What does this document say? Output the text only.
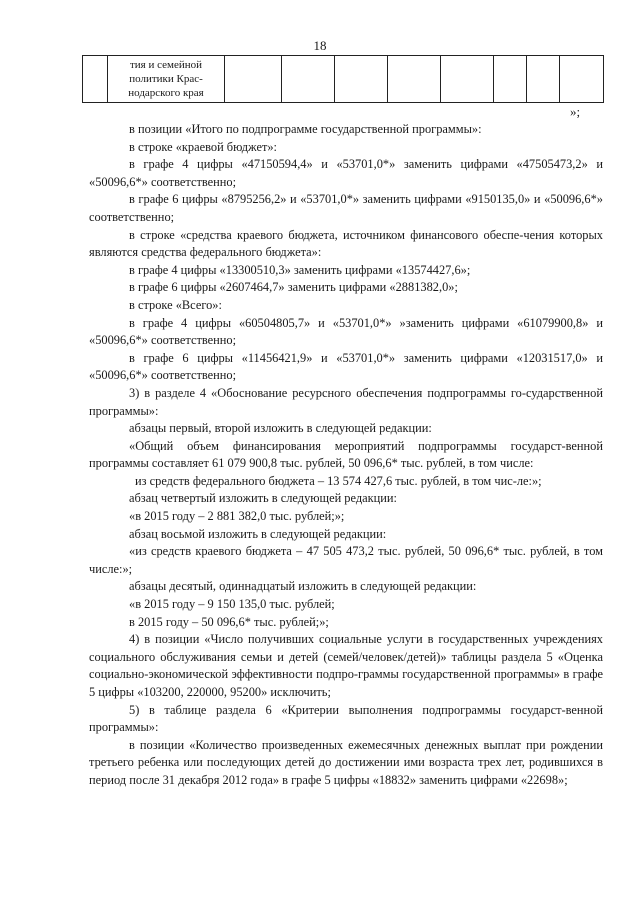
18
	тия и семейной политики Крас-нодарского края								
»;

в позиции «Итого по подпрограмме государственной программы»:

в строке «краевой бюджет»:

в графе 4 цифры «47150594,4» и «53701,0*» заменить цифрами «47505473,2» и «50096,6*» соответственно;

в графе 6 цифры «8795256,2» и «53701,0*» заменить цифрами «9150135,0» и «50096,6*» соответственно;

в строке «средства краевого бюджета, источником финансового обеспе-чения которых являются средства федерального бюджета»:

в графе 4 цифры «13300510,3» заменить цифрами «13574427,6»;

в графе 6 цифры «2607464,7» заменить цифрами «2881382,0»;

в строке «Всего»:

в графе 4 цифры «60504805,7» и «53701,0*» »заменить цифрами «61079900,8» и «50096,6*» соответственно;

в графе 6 цифры «11456421,9» и «53701,0*» заменить цифрами «12031517,0» и «50096,6*» соответственно;

3) в разделе 4 «Обоснование ресурсного обеспечения подпрограммы го-сударственной программы»:

абзацы первый, второй изложить в следующей редакции:

«Общий объем финансирования мероприятий подпрограммы государст-венной программы составляет 61 079 900,8 тыс. рублей, 50 096,6* тыс. рублей, в том числе:

из средств федерального бюджета – 13 574 427,6 тыс. рублей, в том чис-ле:»;

абзац четвертый изложить в следующей редакции:

«в 2015 году – 2 881 382,0 тыс. рублей;»;

абзац восьмой изложить в следующей редакции:

«из средств краевого бюджета – 47 505 473,2 тыс. рублей, 50 096,6* тыс. рублей, в том числе:»;

абзацы десятый, одиннадцатый изложить в следующей редакции:

«в 2015 году – 9 150 135,0 тыс. рублей;

в 2015 году – 50 096,6* тыс. рублей;»;

4) в позиции «Число получивших социальные услуги в государственных учреждениях социального обслуживания семьи и детей (семей/человек/детей)» таблицы раздела 5 «Оценка социально-экономической эффективности подпро-граммы государственной программы» в графе 5 цифры «103200, 220000, 95200» исключить;

5) в таблице раздела 6 «Критерии выполнения подпрограммы государст-венной программы»:

в позиции «Количество произведенных ежемесячных денежных выплат при рождении третьего ребенка или последующих детей до достижении ими возраста трех лет, родившихся в период после 31 декабря 2012 года» в графе 5 цифры «18832» заменить цифрами «22698»;
